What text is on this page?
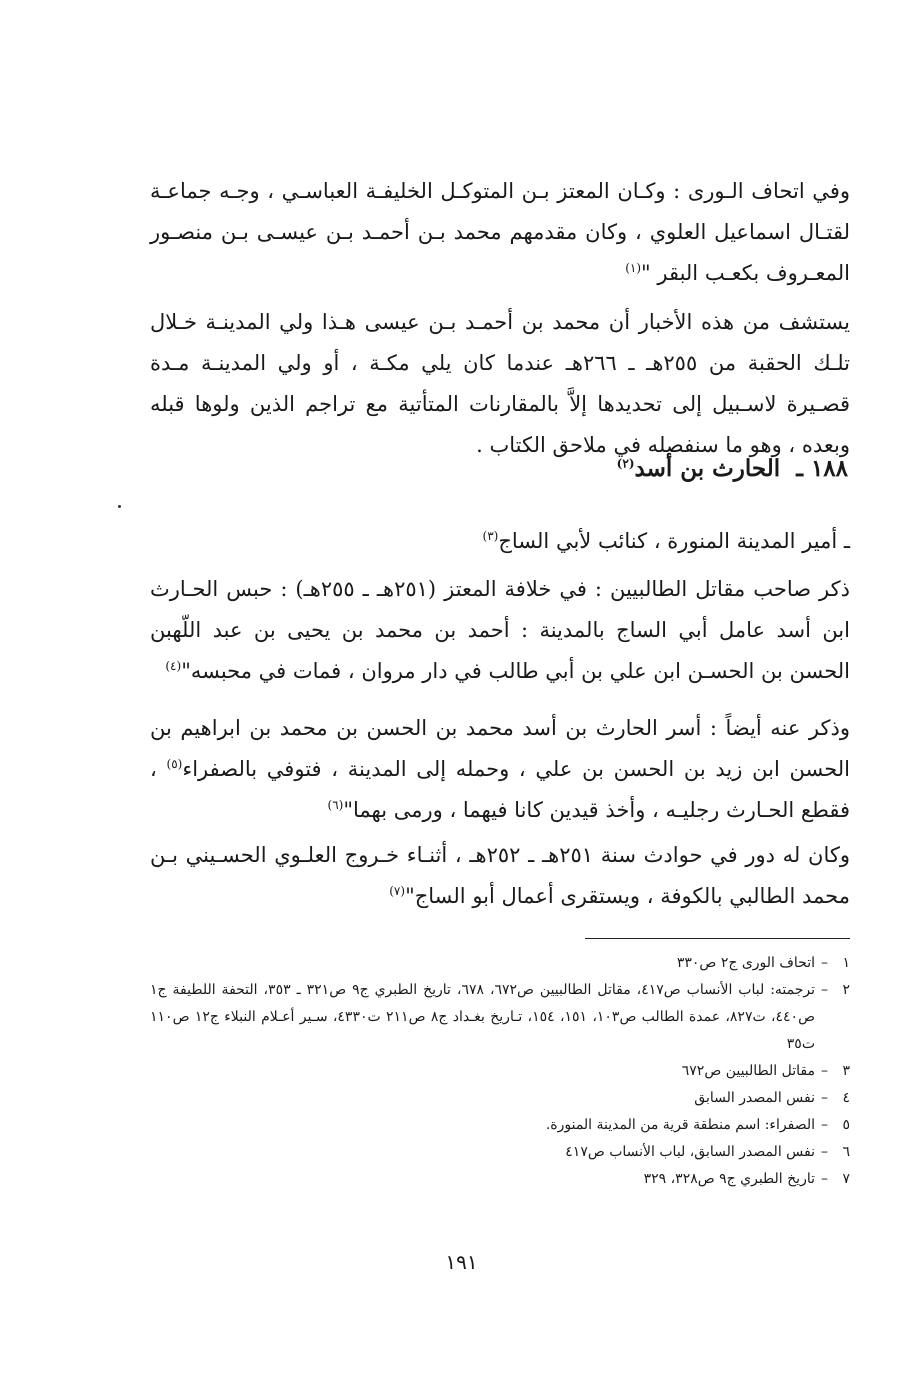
وفي اتحاف الـورى : وكـان المعتز بـن المتوكـل الخليفـة العباسـي ، وجـه جماعـة لقتـال اسماعيل العلوي ، وكان مقدمهم محمد بـن أحمـد بـن عيسـى بـن منصـور المعـروف بكعـب البقر "$^{(١)}$

يستشف من هذه الأخبار أن محمد بن أحمـد بـن عيسى هـذا ولي المدينـة خـلال تلـك الحقبة من ٢٥٥هـ ـ ٢٦٦هـ عندما كان يلي مكـة ، أو ولي المدينـة مـدة قصـيرة لاسـبيل إلى تحديدها إلاَّ بالمقارنات المتأتية مع تراجم الذين ولوها قبله وبعده ، وهو ما سنفصله في ملاحق الكتاب .

١٨٨ ـ الحارث بن أسد$^{(٢)}$

ـ أمير المدينة المنورة ، كنائب لأبي الساج$^{(٣)}$

ذكر صاحب مقاتل الطالبيين : في خلافة المعتز (٢٥١هـ ـ ٢٥٥هـ) : حبس الحـارث ابن أسد عامل أبي الساج بالمدينة : أحمد بن محمد بن يحيى بن عبد اللّهبن الحسن بن الحسـن ابن علي بن أبي طالب في دار مروان ، فمات في محبسه"$^{(٤)}$

وذكر عنه أيضاً : أسر الحارث بن أسد محمد بن الحسن بن محمد بن ابراهيم بن الحسن ابن زيد بن الحسن بن علي ، وحمله إلى المدينة ، فتوفي بالصفراء$^{(٥)}$ ، فقطع الحـارث رجليـه ، وأخذ قيدين كانا فيهما ، ورمى بهما"$^{(٦)}$

وكان له دور في حوادث سنة ٢٥١هـ ـ ٢٥٢هـ ، أثنـاء خـروج العلـوي الحسـيني بـن محمد الطالبي بالكوفة ، ويستقرى أعمال أبو الساج"$^{(٧)}$

١
–
اتحاف الورى ج٢ ص٣٣٠
٢
–
ترجمته: لباب الأنساب ص٤١٧، مقاتل الطالبيين ص٦٧٢، ٦٧٨، تاريخ الطبري ج٩ ص٣٢١ ـ ٣٥٣، التحفة اللطيفة ج١ ص٤٤٠، ت٨٢٧، عمدة الطالب ص١٠٣، ١٥١، ١٥٤، تـاريخ بغـداد ج٨ ص٢١١ ت٤٣٣٠، سـير أعـلام النبلاء ج١٢ ص١١٠ ت٣٥
٣
–
مقاتل الطالبيين ص٦٧٢
٤
–
نفس المصدر السابق
٥
–
الصفراء: اسم منطقة قرية من المدينة المنورة.
٦
–
نفس المصدر السابق، لباب الأنساب ص٤١٧
٧
–
تاريخ الطبري ج٩ ص٣٢٨، ٣٢٩
١٩١
